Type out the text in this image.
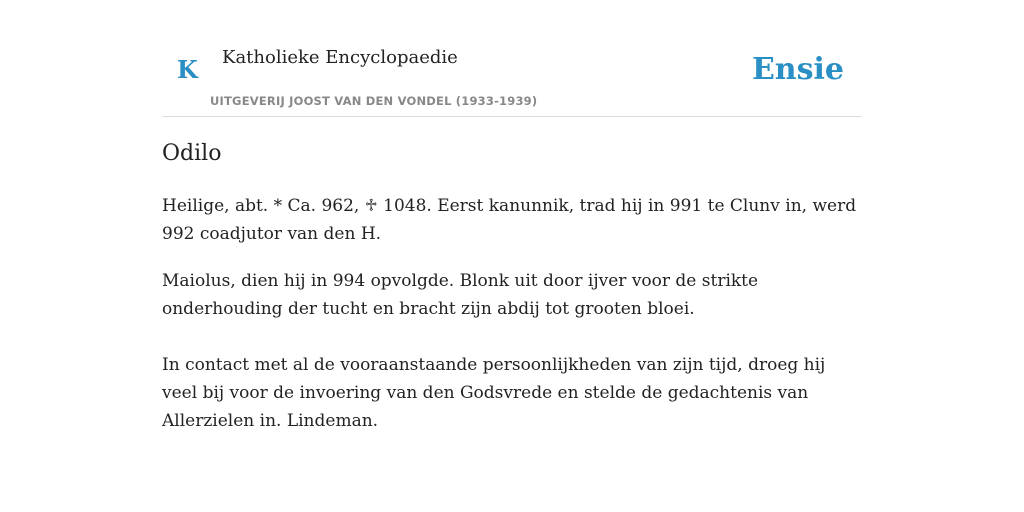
K Katholieke Encyclopaedie
UITGEVERIJ JOOST VAN DEN VONDEL (1933-1939)
Ensie
Odilo

Heilige, abt. * Ca. 962, ♱ 1048. Eerst kanunnik, trad hij in 991 te Clunv in, werd 992 coadjutor van den H.

Maiolus, dien hij in 994 opvolgde. Blonk uit door ijver voor de strikte onderhouding der tucht en bracht zijn abdij tot grooten bloei.

In contact met al de vooraanstaande persoonlijkheden van zijn tijd, droeg hij veel bij voor de invoering van den Godsvrede en stelde de gedachtenis van Allerzielen in. Lindeman.
